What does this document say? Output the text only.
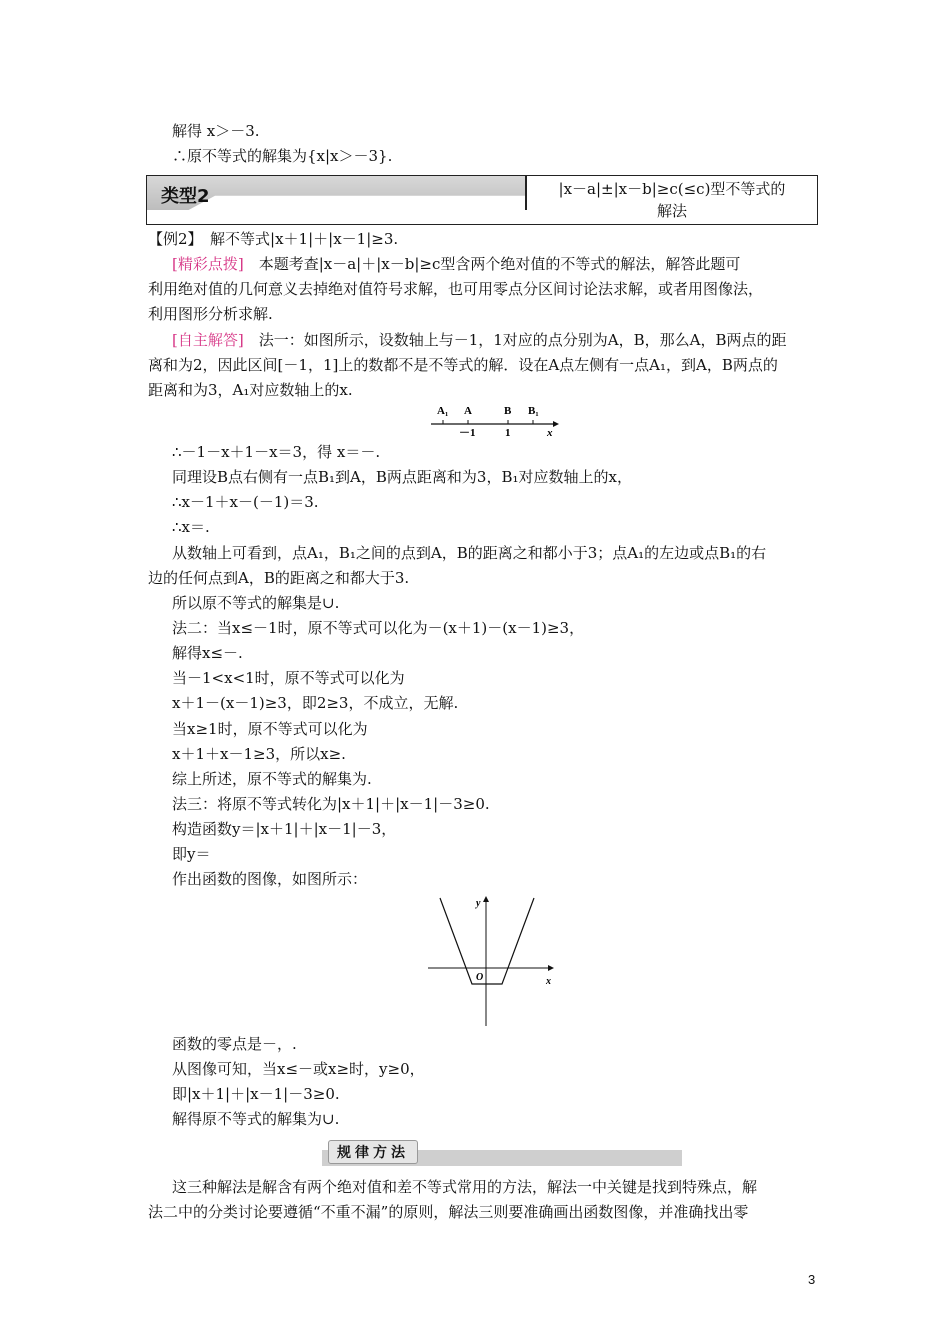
解得 x＞－3.
∴原不等式的解集为{x|x＞－3}.
类型2	|x－a|±|x－b|≥c(≤c)型不等式的
解法
【例2】　解不等式|x＋1|＋|x－1|≥3.
[精彩点拨]　本题考查|x－a|＋|x－b|≥c型含两个绝对值的不等式的解法，解答此题可
利用绝对值的几何意义去掉绝对值符号求解，也可用零点分区间讨论法求解，或者用图像法，
利用图形分析求解.
[自主解答]　法一：如图所示，设数轴上与－1，1对应的点分别为A，B，那么A，B两点的距
离和为2，因此区间[－1，1]上的数都不是不等式的解．设在A点左侧有一点A₁，到A，B两点的
距离和为3，A₁对应数轴上的x.
A₁ A	B B₁
－1	1	x
∴－1－x＋1－x＝3，得 x＝－.
同理设B点右侧有一点B₁到A，B两点距离和为3，B₁对应数轴上的x，
∴x－1＋x－(－1)＝3.
∴x＝.
从数轴上可看到，点A₁，B₁之间的点到A，B的距离之和都小于3；点A₁的左边或点B₁的右
边的任何点到A，B的距离之和都大于3.
所以原不等式的解集是∪.
法二：当x≤－1时，原不等式可以化为－(x＋1)－(x－1)≥3，
解得x≤－.
当－1<x<1时，原不等式可以化为
x＋1－(x－1)≥3，即2≥3，不成立，无解.
当x≥1时，原不等式可以化为
x＋1＋x－1≥3，所以x≥.
综上所述，原不等式的解集为.
法三：将原不等式转化为|x＋1|＋|x－1|－3≥0.
构造函数y＝|x＋1|＋|x－1|－3，
即y＝
作出函数的图像，如图所示：
y
x
O
函数的零点是－，.
从图像可知，当x≤－或x≥时，y≥0，
即|x＋1|＋|x－1|－3≥0.
解得原不等式的解集为∪.
规律方法
这三种解法是解含有两个绝对值和差不等式常用的方法，解法一中关键是找到特殊点，解
法二中的分类讨论要遵循“不重不漏”的原则，解法三则要准确画出函数图像，并准确找出零
3
